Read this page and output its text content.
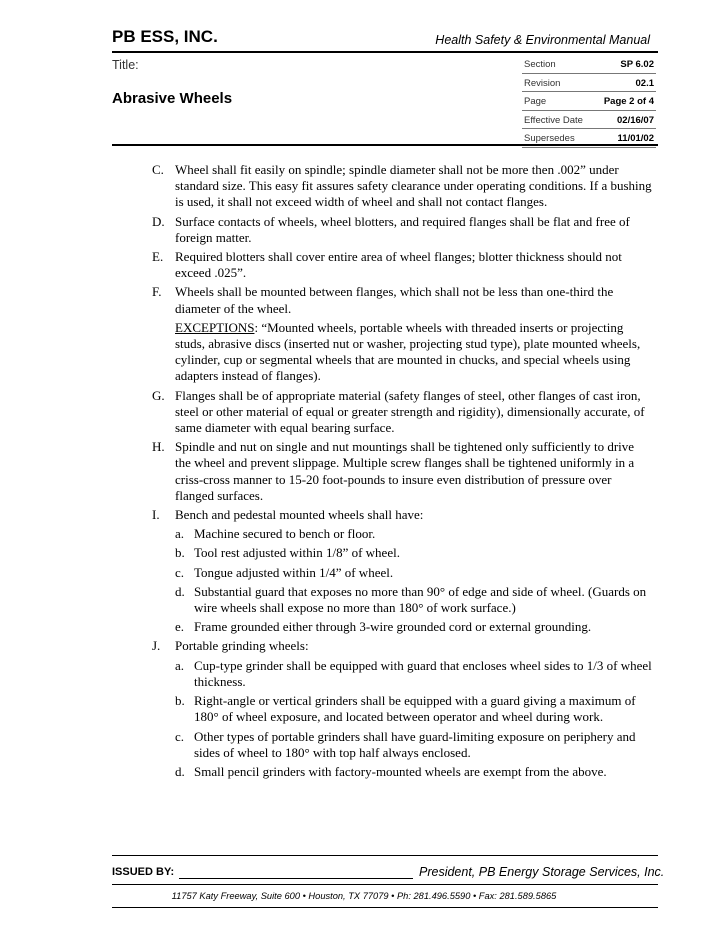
PB ESS, INC.	Health Safety & Environmental Manual
Title:
Abrasive Wheels
Section	SP 6.02
Revision	02.1
Page	Page 2 of 4
Effective Date	02/16/07
Supersedes	11/01/02
C. Wheel shall fit easily on spindle; spindle diameter shall not be more then .002” under standard size. This easy fit assures safety clearance under operating conditions. If a bushing is used, it shall not exceed width of wheel and shall not contact flanges.
D. Surface contacts of wheels, wheel blotters, and required flanges shall be flat and free of foreign matter.
E. Required blotters shall cover entire area of wheel flanges; blotter thickness should not exceed .025”.
F.	Wheels shall be mounted between flanges, which shall not be less than one-third the diameter of the wheel.
EXCEPTIONS: “Mounted wheels, portable wheels with threaded inserts or projecting studs, abrasive discs (inserted nut or washer, projecting stud type), plate mounted wheels, cylinder, cup or segmental wheels that are mounted in chucks, and special wheels using adapters instead of flanges).
G. Flanges shall be of appropriate material (safety flanges of steel, other flanges of cast iron, steel or other material of equal or greater strength and rigidity), dimensionally accurate, of same diameter with equal bearing surface.
H. Spindle and nut on single and nut mountings shall be tightened only sufficiently to drive the wheel and prevent slippage. Multiple screw flanges shall be tightened uniformly in a criss-cross manner to 15-20 foot-pounds to insure even distribution of pressure over flanged surfaces.
I.	Bench and pedestal mounted wheels shall have:
a. Machine secured to bench or floor.
b. Tool rest adjusted within 1/8” of wheel.
c. Tongue adjusted within 1/4” of wheel.
d. Substantial guard that exposes no more than 90° of edge and side of wheel. (Guards on wire wheels shall expose no more than 180° of work surface.)
e. Frame grounded either through 3-wire grounded cord or external grounding.
J.	Portable grinding wheels:
a. Cup-type grinder shall be equipped with guard that encloses wheel sides to 1/3 of wheel thickness.
b. Right-angle or vertical grinders shall be equipped with a guard giving a maximum of 180° of wheel exposure, and located between operator and wheel during work.
c. Other types of portable grinders shall have guard-limiting exposure on periphery and sides of wheel to 180° with top half always enclosed.
d. Small pencil grinders with factory-mounted wheels are exempt from the above.
ISSUED BY:	President, PB Energy Storage Services, Inc.
11757 Katy Freeway, Suite 600 • Houston, TX 77079 • Ph: 281.496.5590 • Fax: 281.589.5865
